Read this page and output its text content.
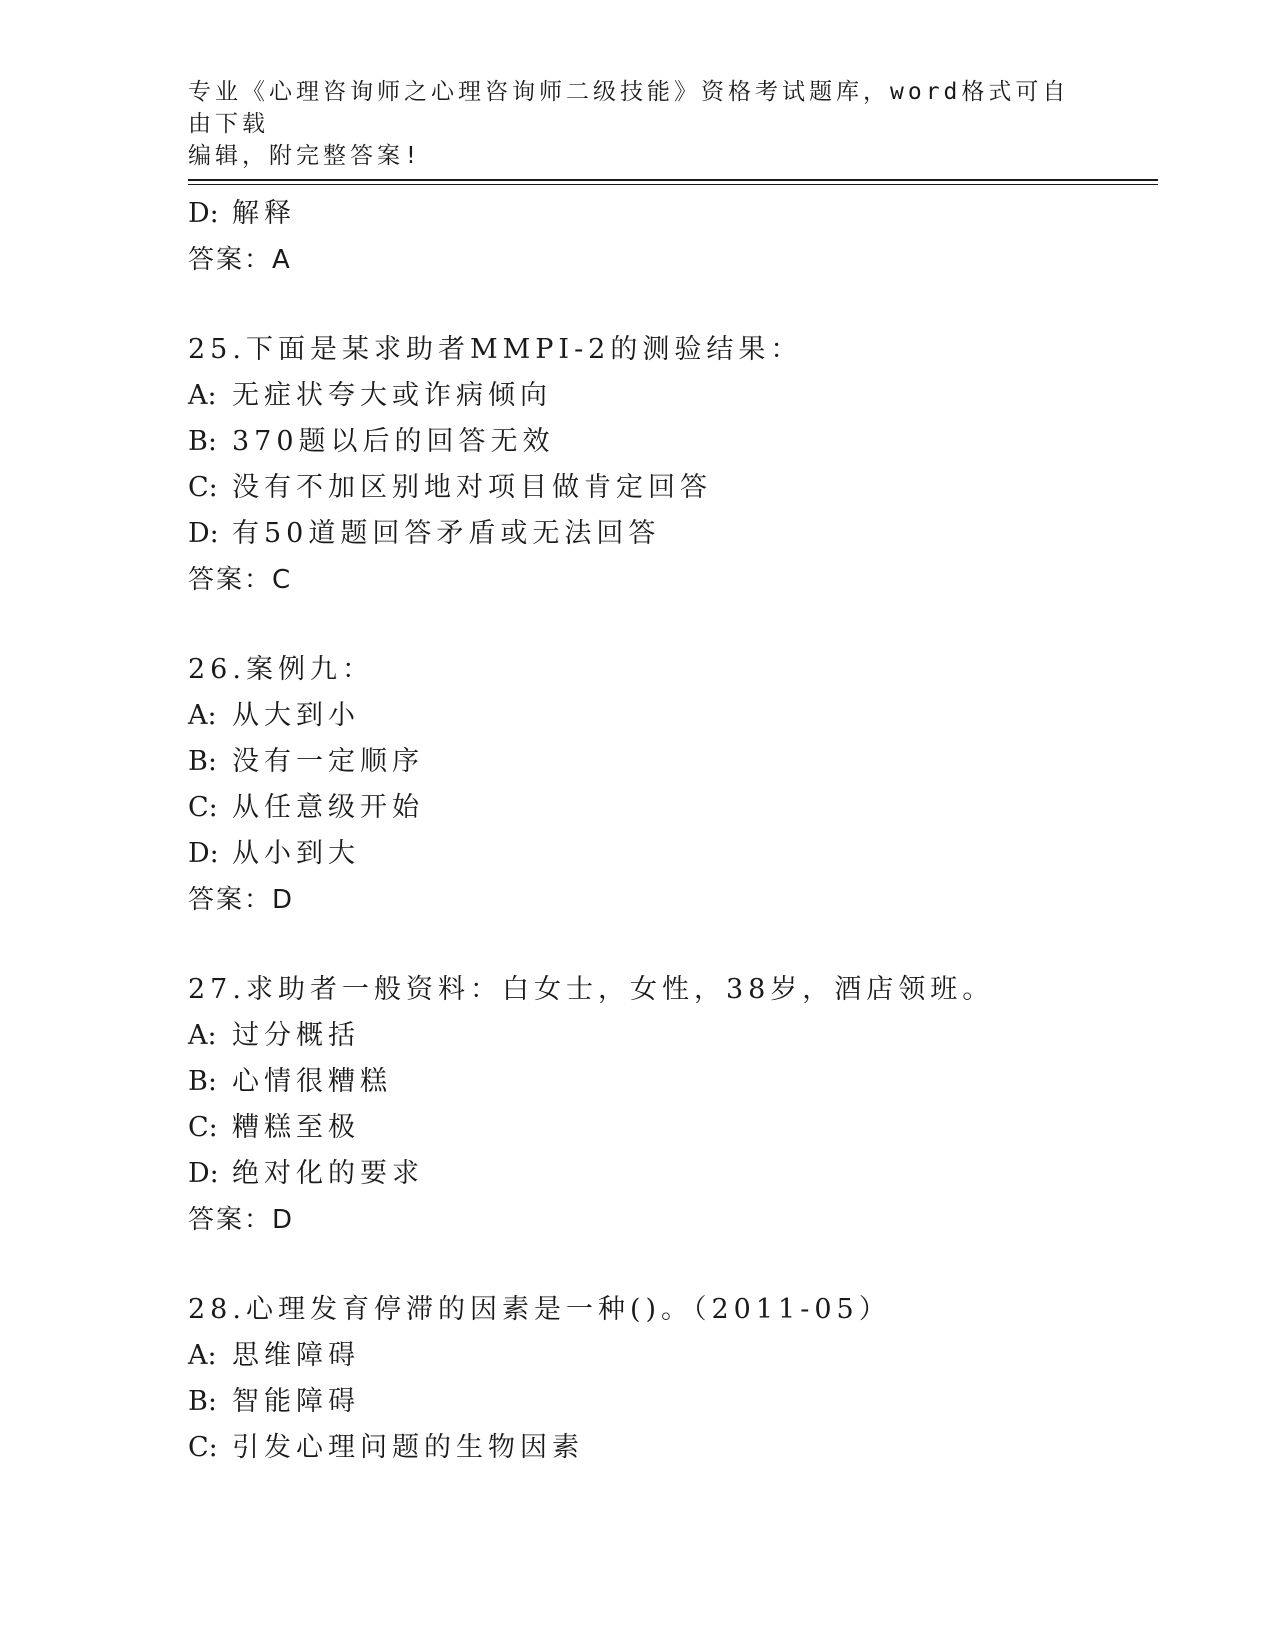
专业《心理咨询师之心理咨询师二级技能》资格考试题库，word格式可自由下载
编辑，附完整答案!
D: 解释
答案：A
25.下面是某求助者MMPI-2的测验结果：
A: 无症状夸大或诈病倾向
B: 370题以后的回答无效
C: 没有不加区别地对项目做肯定回答
D: 有50道题回答矛盾或无法回答
答案：C
26.案例九：
A: 从大到小
B: 没有一定顺序
C: 从任意级开始
D: 从小到大
答案：D
27.求助者一般资料：白女士，女性，38岁，酒店领班。
A: 过分概括
B: 心情很糟糕
C: 糟糕至极
D: 绝对化的要求
答案：D
28.心理发育停滞的因素是一种()。（2011-05）
A: 思维障碍
B: 智能障碍
C: 引发心理问题的生物因素
